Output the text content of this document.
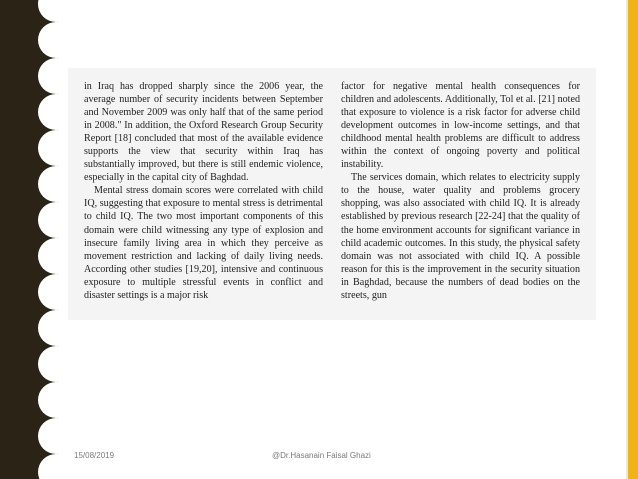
in Iraq has dropped sharply since the 2006 year, the average number of security incidents between September and November 2009 was only half that of the same period in 2008." In addition, the Oxford Research Group Security Report [18] concluded that most of the available evidence supports the view that security within Iraq has substantially improved, but there is still endemic violence, especially in the capital city of Baghdad.

Mental stress domain scores were correlated with child IQ, suggesting that exposure to mental stress is detrimental to child IQ. The two most important components of this domain were child witnessing any type of explosion and insecure family living area in which they perceive as movement restriction and lacking of daily living needs. According other studies [19,20], intensive and continuous exposure to multiple stressful events in conflict and disaster settings is a major risk

factor for negative mental health consequences for children and adolescents. Additionally, Tol et al. [21] noted that exposure to violence is a risk factor for adverse child development outcomes in low-income settings, and that childhood mental health problems are difficult to address within the context of ongoing poverty and political instability.

The services domain, which relates to electricity supply to the house, water quality and problems grocery shopping, was also associated with child IQ. It is already established by previous research [22-24] that the quality of the home environment accounts for significant variance in child academic outcomes. In this study, the physical safety domain was not associated with child IQ. A possible reason for this is the improvement in the security situation in Baghdad, because the numbers of dead bodies on the streets, gun

15/08/2019	@Dr.Hasanain Faisal Ghazi
